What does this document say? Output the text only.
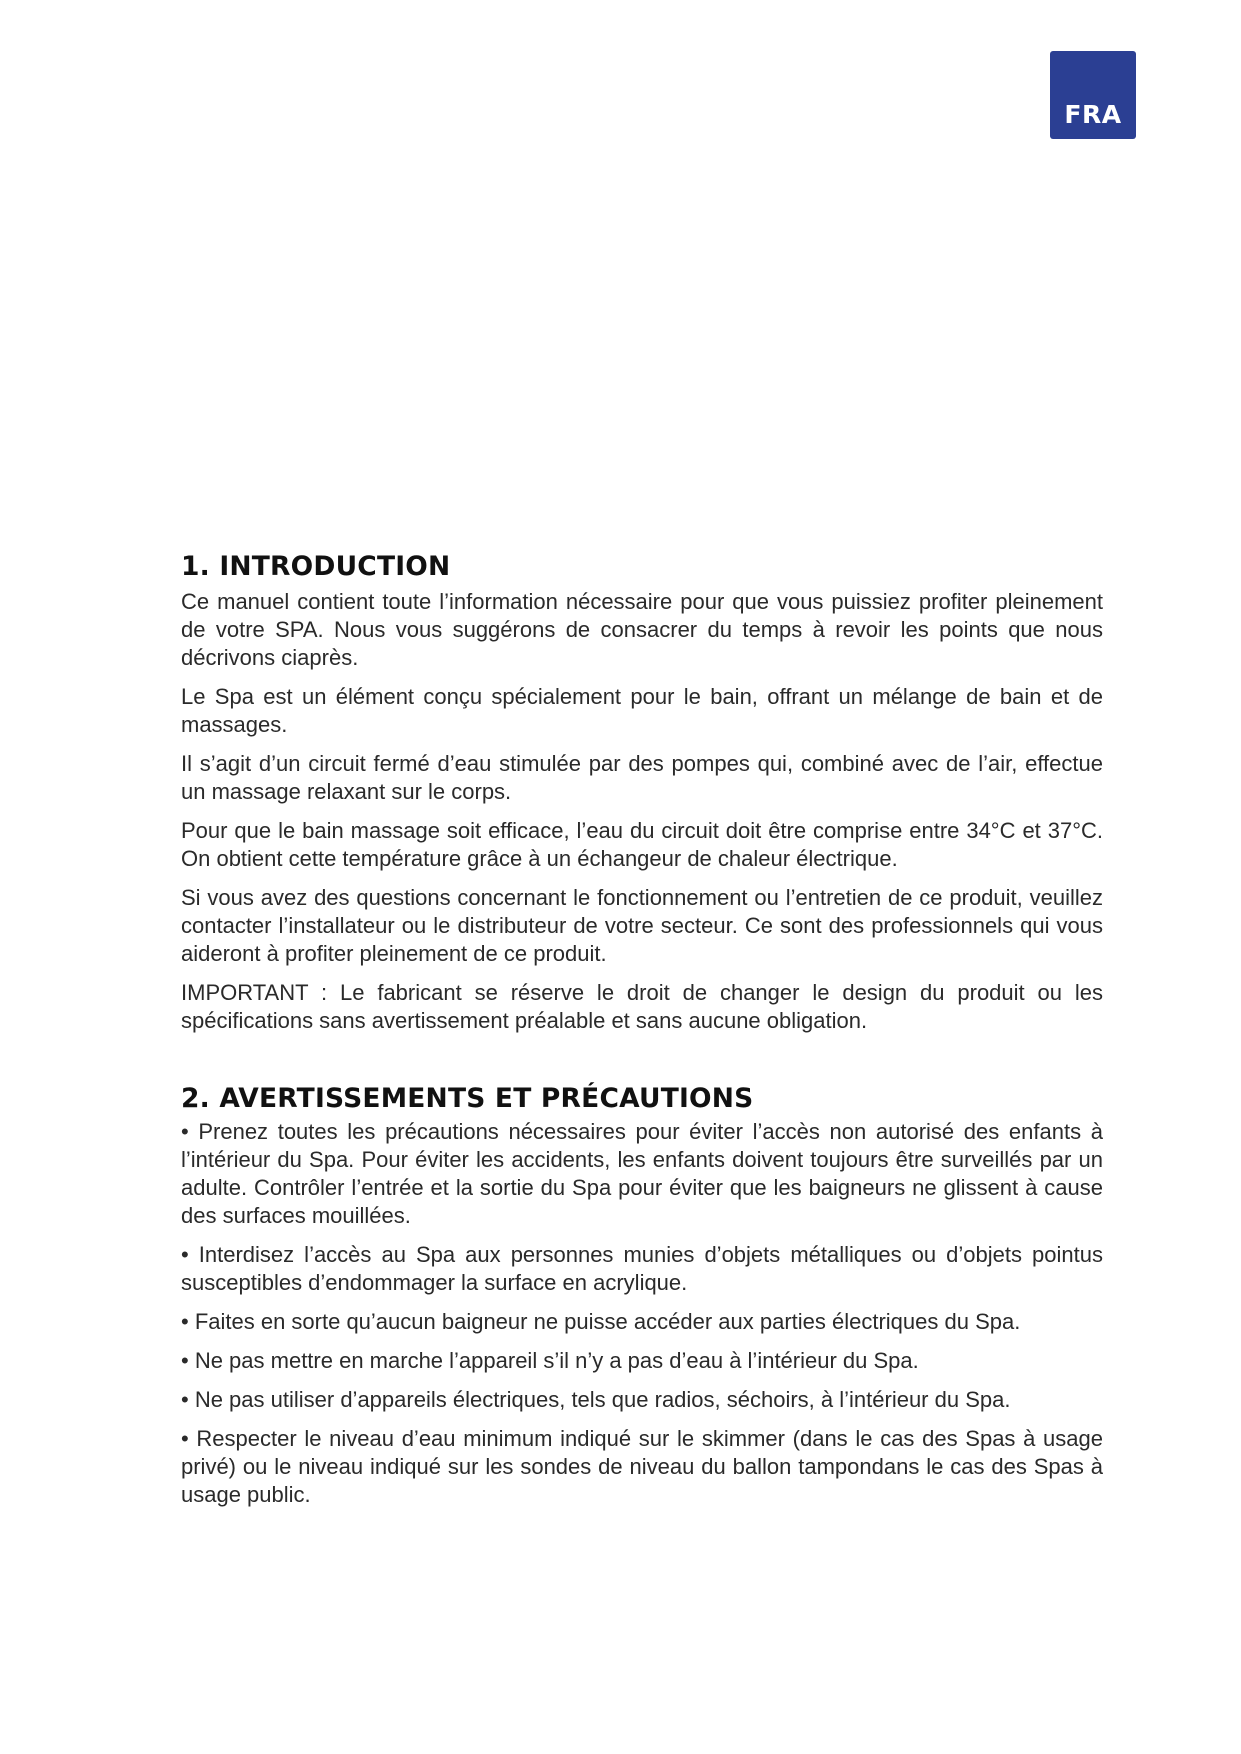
FRA
1. INTRODUCTION

Ce manuel contient toute l’information nécessaire pour que vous puissiez profiter pleinement de votre SPA. Nous vous suggérons de consacrer du temps à revoir les points que nous décrivons ciaprès.

Le Spa est un élément conçu spécialement pour le bain, offrant un mélange de bain et de massages.

Il s’agit d’un circuit fermé d’eau stimulée par des pompes qui, combiné avec de l’air, effectue un massage relaxant sur le corps.

Pour que le bain massage soit efficace, l’eau du circuit doit être comprise entre 34°C et 37°C. On obtient cette température grâce à un échangeur de chaleur électrique.

Si vous avez des questions concernant le fonctionnement ou l’entretien de ce produit, veuillez contacter l’installateur ou le distributeur de votre secteur. Ce sont des professionnels qui vous aideront à profiter pleinement de ce produit.

IMPORTANT : Le fabricant se réserve le droit de changer le design du produit ou les spécifications sans avertissement préalable et sans aucune obligation.

2. AVERTISSEMENTS ET PRÉCAUTIONS

• Prenez toutes les précautions nécessaires pour éviter l’accès non autorisé des enfants à l’intérieur du Spa. Pour éviter les accidents, les enfants doivent toujours être surveillés par un adulte. Contrôler l’entrée et la sortie du Spa pour éviter que les baigneurs ne glissent à cause des surfaces mouillées.

• Interdisez l’accès au Spa aux personnes munies d’objets métalliques ou d’objets pointus susceptibles d’endommager la surface en acrylique.

• Faites en sorte qu’aucun baigneur ne puisse accéder aux parties électriques du Spa.

• Ne pas mettre en marche l’appareil s’il n’y a pas d’eau à l’intérieur du Spa.

• Ne pas utiliser d’appareils électriques, tels que radios, séchoirs, à l’intérieur du Spa.

• Respecter le niveau d’eau minimum indiqué sur le skimmer (dans le cas des Spas à usage privé) ou le niveau indiqué sur les sondes de niveau du ballon tampondans le cas des Spas à usage public.
